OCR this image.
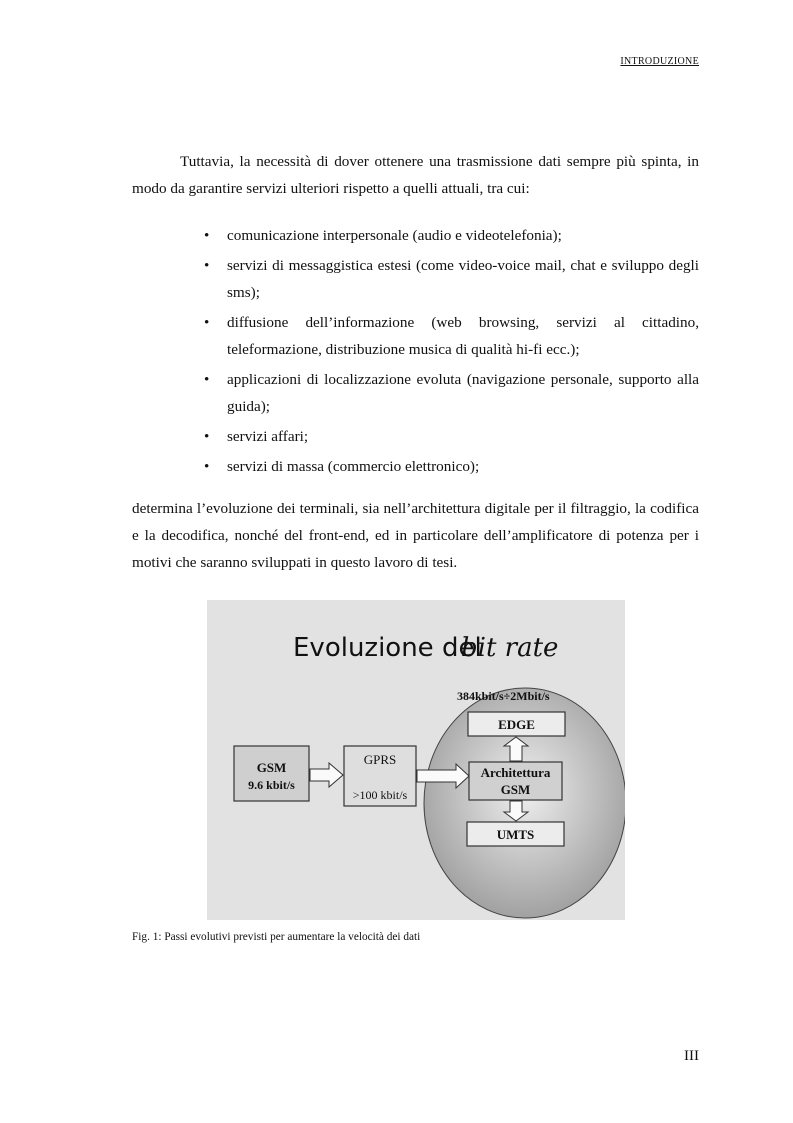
INTRODUZIONE

Tuttavia, la necessità di dover ottenere una trasmissione dati sempre più spinta, in modo da garantire servizi ulteriori rispetto a quelli attuali, tra cui:

• comunicazione interpersonale (audio e videotelefonia);
• servizi di messaggistica estesi (come video-voice mail, chat e sviluppo degli sms);
• diffusione dell’informazione (web browsing, servizi al cittadino, teleformazione, distribuzione musica di qualità hi-fi ecc.);
• applicazioni di localizzazione evoluta (navigazione personale, supporto alla guida);
• servizi affari;
• servizi di massa (commercio elettronico);

determina l’evoluzione dei terminali, sia nell’architettura digitale per il filtraggio, la codifica e la decodifica, nonché del front-end, ed in particolare dell’amplificatore di potenza per i motivi che saranno sviluppati in questo lavoro di tesi.

Evoluzione del
bit rate
384kbit/s÷2Mbit/s
EDGE
Architettura
GSM
UMTS
GSM
9.6 kbit/s
GPRS
>100 kbit/s
Fig. 1: Passi evolutivi previsti per aumentare la velocità dei dati
III
